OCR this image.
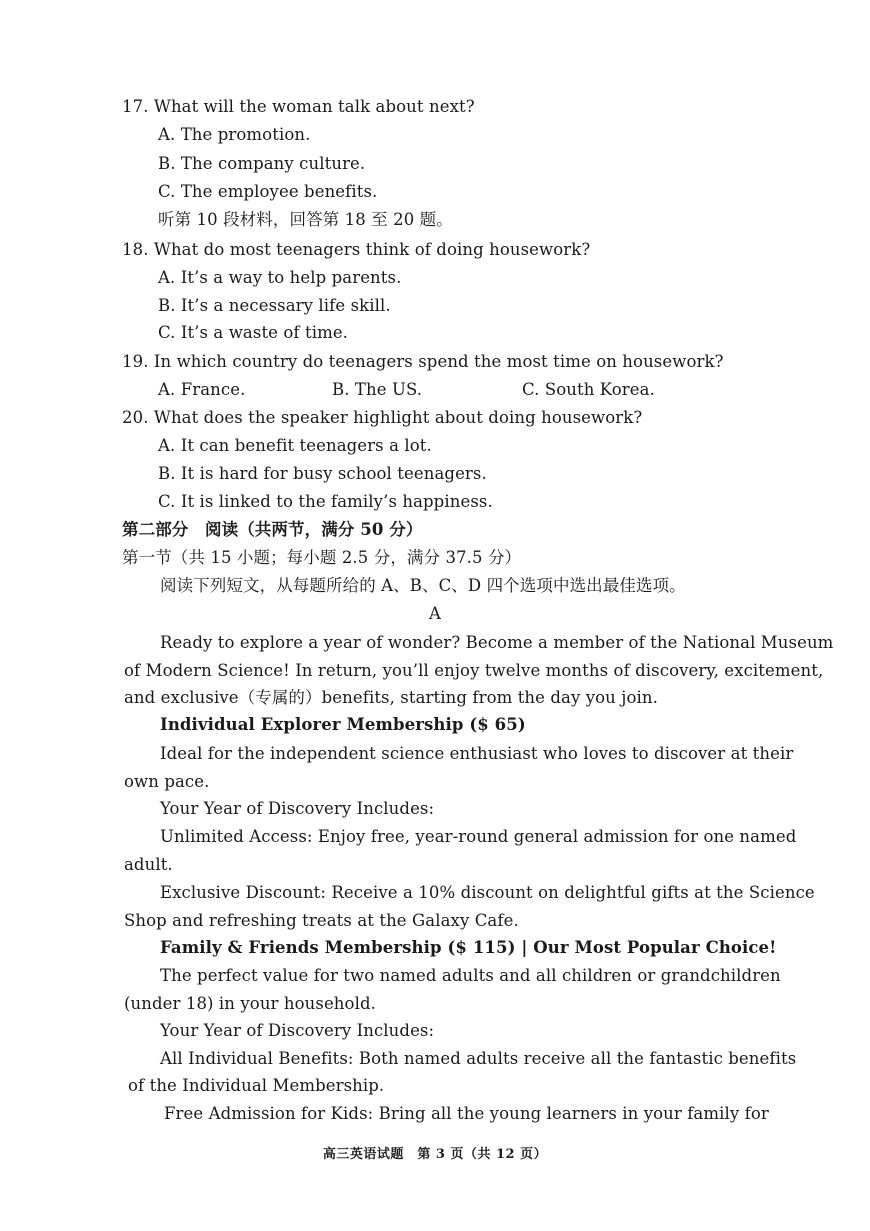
17. What will the woman talk about next?
A. The promotion.
B. The company culture.
C. The employee benefits.
听第 10 段材料，回答第 18 至 20 题。
18. What do most teenagers think of doing housework?
A. It’s a way to help parents.
B. It’s a necessary life skill.
C. It’s a waste of time.
19. In which country do teenagers spend the most time on housework?
A. France.	B. The US.	C. South Korea.
20. What does the speaker highlight about doing housework?
A. It can benefit teenagers a lot.
B. It is hard for busy school teenagers.
C. It is linked to the family’s happiness.
第二部分　阅读（共两节，满分 50 分）
第一节（共 15 小题；每小题 2.5 分，满分 37.5 分）
阅读下列短文，从每题所给的 A、B、C、D 四个选项中选出最佳选项。
A
Ready to explore a year of wonder? Become a member of the National Museum
of Modern Science! In return, you’ll enjoy twelve months of discovery, excitement,
and exclusive（专属的）benefits, starting from the day you join.
Individual Explorer Membership ($ 65)
Ideal for the independent science enthusiast who loves to discover at their
own pace.
Your Year of Discovery Includes:
Unlimited Access: Enjoy free, year-round general admission for one named
adult.
Exclusive Discount: Receive a 10% discount on delightful gifts at the Science
Shop and refreshing treats at the Galaxy Cafe.
Family & Friends Membership ($ 115) | Our Most Popular Choice!
The perfect value for two named adults and all children or grandchildren
(under 18) in your household.
Your Year of Discovery Includes:
All Individual Benefits: Both named adults receive all the fantastic benefits
of the Individual Membership.
Free Admission for Kids: Bring all the young learners in your family for
高三英语试题　第 3 页（共 12 页）
